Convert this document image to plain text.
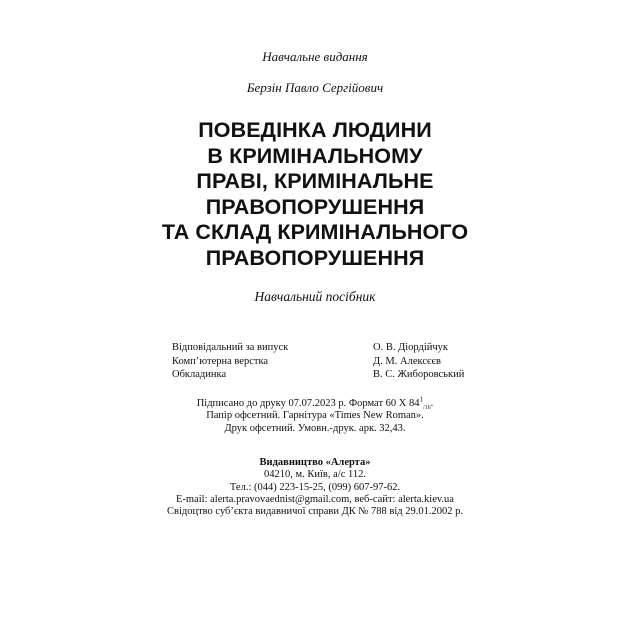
Навчальне видання
Берзін Павло Сергійович
ПОВЕДІНКА ЛЮДИНИ
В КРИМІНАЛЬНОМУ
ПРАВІ, КРИМІНАЛЬНЕ
ПРАВОПОРУШЕННЯ
ТА СКЛАД КРИМІНАЛЬНОГО
ПРАВОПОРУШЕННЯ
Навчальний посібник
Відповідальний за випуск	О. В. Діордійчук
Комп’ютерна верстка	Д. М. Алексєєв
Обкладинка	В. С. Жиборовський
Підписано до друку 07.07.2023 р. Формат 60 Х $84^1_{/16}$.
Папір офсетний. Гарнітура «Times New Roman».
Друк офсетний. Умовн.-друк. арк. 32,43.
Видавництво «Алерта»
04210, м. Київ, а/с 112.
Тел.: (044) 223-15-25, (099) 607-97-62.
E-mail: alerta.pravovaednist@gmail.com, веб-сайт: alerta.kiev.ua
Свідоцтво суб’єкта видавничої справи ДК № 788 від 29.01.2002 р.
